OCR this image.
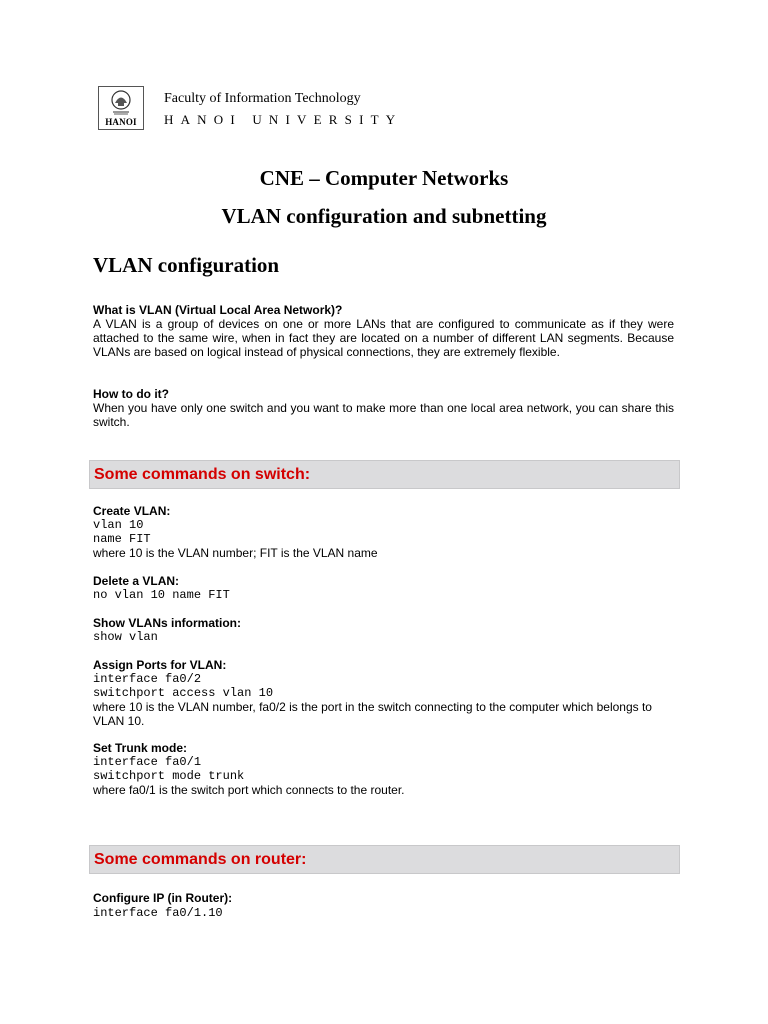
HANOI
Faculty of Information Technology
HANOI UNIVERSITY
CNE – Computer Networks
VLAN configuration and subnetting
VLAN configuration
What is VLAN (Virtual Local Area Network)?
A VLAN is a group of devices on one or more LANs that are configured to communicate as if they were attached to the same wire, when in fact they are located on a number of different LAN segments. Because VLANs are based on logical instead of physical connections, they are extremely flexible.
How to do it?
When you have only one switch and you want to make more than one local area network, you can share this switch.
Some commands on switch:
Create VLAN:
vlan 10
name FIT
where 10 is the VLAN number; FIT is the VLAN name
Delete a VLAN:
no vlan 10 name FIT
Show VLANs information:
show vlan
Assign Ports for VLAN:
interface fa0/2
switchport access vlan 10
where 10 is the VLAN number, fa0/2 is the port in the switch connecting to the computer which belongs to VLAN 10.
Set Trunk mode:
interface fa0/1
switchport mode trunk
where fa0/1 is the switch port which connects to the router.
Some commands on router:
Configure IP (in Router):
interface fa0/1.10
